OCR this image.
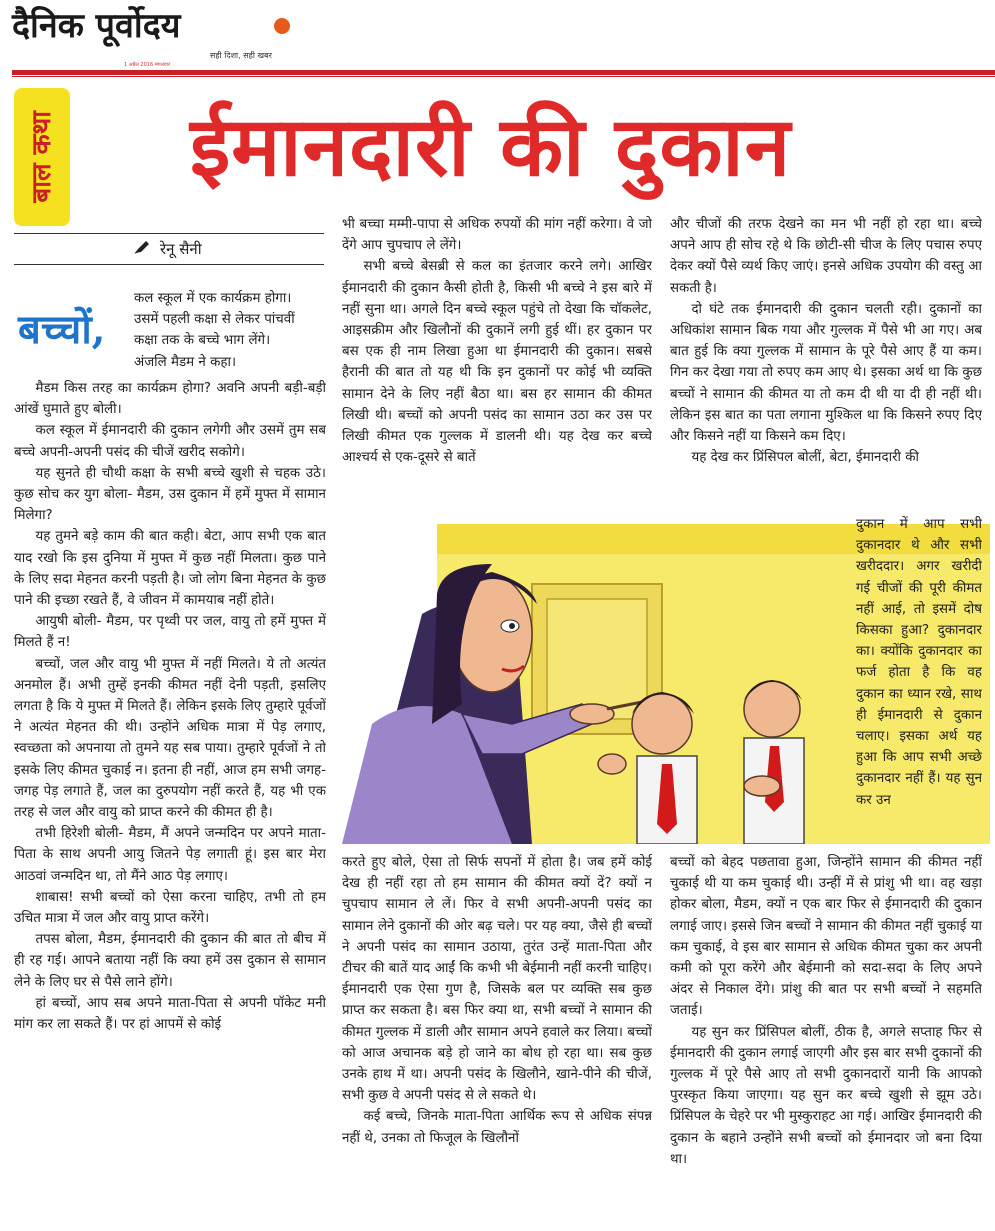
दैनिक पूर्वोदय
सही दिशा, सही खबर
1 अप्रैल 2016 मंगलवार
बाल कथा ईमानदारी की दुकान
रेनू सैनी
बच्चों,

कल स्कूल में एक कार्यक्रम होगा।

उसमें पहली कक्षा से लेकर पांचवीं

कक्षा तक के बच्चे भाग लेंगे।

अंजलि मैडम ने कहा।

मैडम किस तरह का कार्यक्रम होगा? अवनि अपनी बड़ी-बड़ी आंखें घुमाते हुए बोली।

कल स्कूल में ईमानदारी की दुकान लगेगी और उसमें तुम सब बच्चे अपनी-अपनी पसंद की चीजें खरीद सकोगे।

यह सुनते ही चौथी कक्षा के सभी बच्चे खुशी से चहक उठे। कुछ सोच कर युग बोला- मैडम, उस दुकान में हमें मुफ्त में सामान मिलेगा?

यह तुमने बड़े काम की बात कही। बेटा, आप सभी एक बात याद रखो कि इस दुनिया में मुफ्त में कुछ नहीं मिलता। कुछ पाने के लिए सदा मेहनत करनी पड़ती है। जो लोग बिना मेहनत के कुछ पाने की इच्छा रखते हैं, वे जीवन में कामयाब नहीं होते।

आयुषी बोली- मैडम, पर पृथ्वी पर जल, वायु तो हमें मुफ्त में मिलते हैं न!

बच्चों, जल और वायु भी मुफ्त में नहीं मिलते। ये तो अत्यंत अनमोल हैं। अभी तुम्हें इनकी कीमत नहीं देनी पड़ती, इसलिए लगता है कि ये मुफ्त में मिलते हैं। लेकिन इसके लिए तुम्हारे पूर्वजों ने अत्यंत मेहनत की थी। उन्होंने अधिक मात्रा में पेड़ लगाए, स्वच्छता को अपनाया तो तुमने यह सब पाया। तुम्हारे पूर्वजों ने तो इसके लिए कीमत चुकाई न। इतना ही नहीं, आज हम सभी जगह-जगह पेड़ लगाते हैं, जल का दुरुपयोग नहीं करते हैं, यह भी एक तरह से जल और वायु को प्राप्त करने की कीमत ही है।

तभी हिरेशी बोली- मैडम, मैं अपने जन्मदिन पर अपने माता-पिता के साथ अपनी आयु जितने पेड़ लगाती हूं। इस बार मेरा आठवां जन्मदिन था, तो मैंने आठ पेड़ लगाए।

शाबास! सभी बच्चों को ऐसा करना चाहिए, तभी तो हम उचित मात्रा में जल और वायु प्राप्त करेंगे।

तपस बोला, मैडम, ईमानदारी की दुकान की बात तो बीच में ही रह गई। आपने बताया नहीं कि क्या हमें उस दुकान से सामान लेने के लिए घर से पैसे लाने होंगे।

हां बच्चों, आप सब अपने माता-पिता से अपनी पॉकेट मनी मांग कर ला सकते हैं। पर हां आपमें से कोई

भी बच्चा मम्मी-पापा से अधिक रुपयों की मांग नहीं करेगा। वे जो देंगे आप चुपचाप ले लेंगे।

सभी बच्चे बेसब्री से कल का इंतजार करने लगे। आखिर ईमानदारी की दुकान कैसी होती है, किसी भी बच्चे ने इस बारे में नहीं सुना था। अगले दिन बच्चे स्कूल पहुंचे तो देखा कि चॉकलेट, आइसक्रीम और खिलौनों की दुकानें लगी हुई थीं। हर दुकान पर बस एक ही नाम लिखा हुआ था ईमानदारी की दुकान। सबसे हैरानी की बात तो यह थी कि इन दुकानों पर कोई भी व्यक्ति सामान देने के लिए नहीं बैठा था। बस हर सामान की कीमत लिखी थी। बच्चों को अपनी पसंद का सामान उठा कर उस पर लिखी कीमत एक गुल्लक में डालनी थी। यह देख कर बच्चे आश्चर्य से एक-दूसरे से बातें

और चीजों की तरफ देखने का मन भी नहीं हो रहा था। बच्चे अपने आप ही सोच रहे थे कि छोटी-सी चीज के लिए पचास रुपए देकर क्यों पैसे व्यर्थ किए जाएं। इनसे अधिक उपयोग की वस्तु आ सकती है।

दो घंटे तक ईमानदारी की दुकान चलती रही। दुकानों का अधिकांश सामान बिक गया और गुल्लक में पैसे भी आ गए। अब बात हुई कि क्या गुल्लक में सामान के पूरे पैसे आए हैं या कम। गिन कर देखा गया तो रुपए कम आए थे। इसका अर्थ था कि कुछ बच्चों ने सामान की कीमत या तो कम दी थी या दी ही नहीं थी। लेकिन इस बात का पता लगाना मुश्किल था कि किसने रुपए दिए और किसने नहीं या किसने कम दिए।

यह देख कर प्रिंसिपल बोलीं, बेटा, ईमानदारी की

दुकान में आप सभी दुकानदार थे और सभी खरीददार। अगर खरीदी गई चीजों की पूरी कीमत नहीं आई, तो इसमें दोष किसका हुआ? दुकानदार का। क्योंकि दुकानदार का फर्ज होता है कि वह दुकान का ध्यान रखे, साथ ही ईमानदारी से दुकान चलाए। इसका अर्थ यह हुआ कि आप सभी अच्छे दुकानदार नहीं हैं। यह सुन कर उन

करते हुए बोले, ऐसा तो सिर्फ सपनों में होता है। जब हमें कोई देख ही नहीं रहा तो हम सामान की कीमत क्यों दें? क्यों न चुपचाप सामान ले लें। फिर वे सभी अपनी-अपनी पसंद का सामान लेने दुकानों की ओर बढ़ चले। पर यह क्या, जैसे ही बच्चों ने अपनी पसंद का सामान उठाया, तुरंत उन्हें माता-पिता और टीचर की बातें याद आईं कि कभी भी बेईमानी नहीं करनी चाहिए। ईमानदारी एक ऐसा गुण है, जिसके बल पर व्यक्ति सब कुछ प्राप्त कर सकता है। बस फिर क्या था, सभी बच्चों ने सामान की कीमत गुल्लक में डाली और सामान अपने हवाले कर लिया। बच्चों को आज अचानक बड़े हो जाने का बोध हो रहा था। सब कुछ उनके हाथ में था। अपनी पसंद के खिलौने, खाने-पीने की चीजें, सभी कुछ वे अपनी पसंद से ले सकते थे।

कई बच्चे, जिनके माता-पिता आर्थिक रूप से अधिक संपन्न नहीं थे, उनका तो फिजूल के खिलौनों

बच्चों को बेहद पछतावा हुआ, जिन्होंने सामान की कीमत नहीं चुकाई थी या कम चुकाई थी। उन्हीं में से प्रांशु भी था। वह खड़ा होकर बोला, मैडम, क्यों न एक बार फिर से ईमानदारी की दुकान लगाई जाए। इससे जिन बच्चों ने सामान की कीमत नहीं चुकाई या कम चुकाई, वे इस बार सामान से अधिक कीमत चुका कर अपनी कमी को पूरा करेंगे और बेईमानी को सदा-सदा के लिए अपने अंदर से निकाल देंगे। प्रांशु की बात पर सभी बच्चों ने सहमति जताई।

यह सुन कर प्रिंसिपल बोलीं, ठीक है, अगले सप्ताह फिर से ईमानदारी की दुकान लगाई जाएगी और इस बार सभी दुकानों की गुल्लक में पूरे पैसे आए तो सभी दुकानदारों यानी कि आपको पुरस्कृत किया जाएगा। यह सुन कर बच्चे खुशी से झूम उठे। प्रिंसिपल के चेहरे पर भी मुस्कुराहट आ गई। आखिर ईमानदारी की दुकान के बहाने उन्होंने सभी बच्चों को ईमानदार जो बना दिया था।
